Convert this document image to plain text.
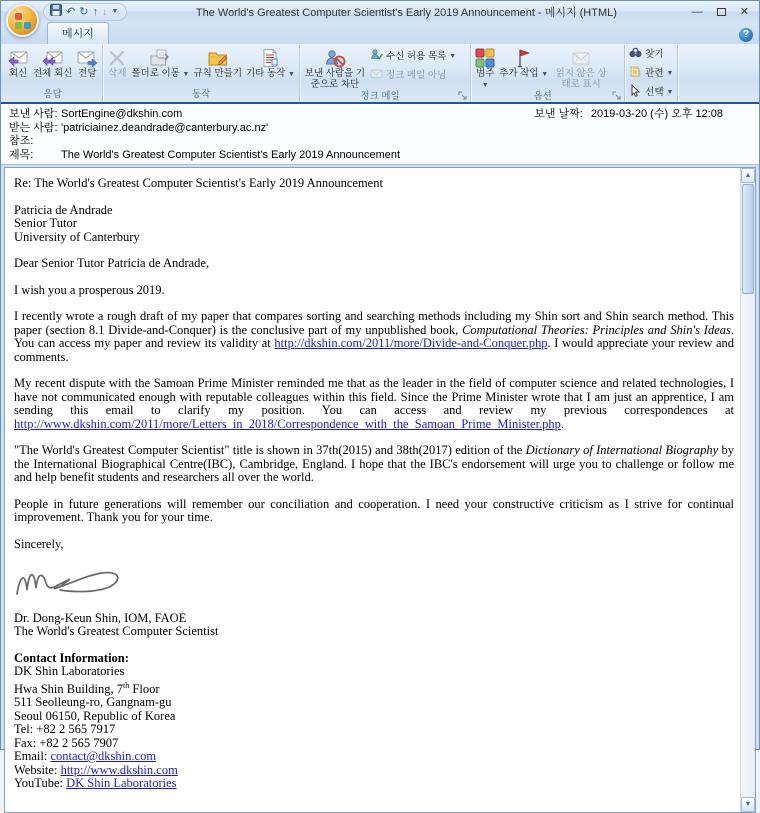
↶ ↻ ↑ ↓ ▼	The World's Greatest Computer Scientist's Early 2019 Announcement - 메시지 (HTML)	—	✕
메시지	?
회신 전체 회신 전달
응답
삭제 폴더로 이동 ▼ 규칙 만들기 기타 동작 ▼
동작
보낸 사람을 기준으로 차단
수신 허용 목록 ▼
정크 메일 아님
정크 메일
범주
▼
추가 작업 ▼ 읽지 않은 상태로 표시
옵션
찾기
관련 ▼
선택 ▼
보낸 사람: SortEngine@dkshin.com	보낸 날짜: 2019-03-20 (수) 오후 12:08
받는 사람: 'patriciainez.deandrade@canterbury.ac.nz'
참조:
제목:	The World's Greatest Computer Scientist's Early 2019 Announcement

Re: The World's Greatest Computer Scientist's Early 2019 Announcement

Patricia de Andrade
Senior Tutor
University of Canterbury

Dear Senior Tutor Patricia de Andrade,

I wish you a prosperous 2019.

I recently wrote a rough draft of my paper that compares sorting and searching methods including my Shin sort and Shin search method. This paper (section 8.1 Divide-and-Conquer) is the conclusive part of my unpublished book, Computational Theories: Principles and Shin's Ideas. You can access my paper and review its validity at http://dkshin.com/2011/more/Divide-and-Conquer.php. I would appreciate your review and comments.

My recent dispute with the Samoan Prime Minister reminded me that as the leader in the field of computer science and related technologies, I have not communicated enough with reputable colleagues within this field. Since the Prime Minister wrote that I am just an apprentice, I am sending this email to clarify my position. You can access and review my previous correspondences at http://www.dkshin.com/2011/more/Letters_in_2018/Correspondence_with_the_Samoan_Prime_Minister.php.

"The World's Greatest Computer Scientist" title is shown in 37th(2015) and 38th(2017) edition of the Dictionary of International Biography by the International Biographical Centre(IBC), Cambridge, England. I hope that the IBC's endorsement will urge you to challenge or follow me and help benefit students and researchers all over the world.

People in future generations will remember our conciliation and cooperation. I need your constructive criticism as I strive for continual improvement. Thank you for your time.

Sincerely,

Dr. Dong-Keun Shin, IOM, FAOE
The World's Greatest Computer Scientist

Contact Information:
DK Shin Laboratories
Hwa Shin Building, 7th Floor
511 Seolleung-ro, Gangnam-gu
Seoul 06150, Republic of Korea
Tel: +82 2 565 7917
Fax: +82 2 565 7907
Email: contact@dkshin.com
Website: http://www.dkshin.com
YouTube: DK Shin Laboratories

▲
▼
